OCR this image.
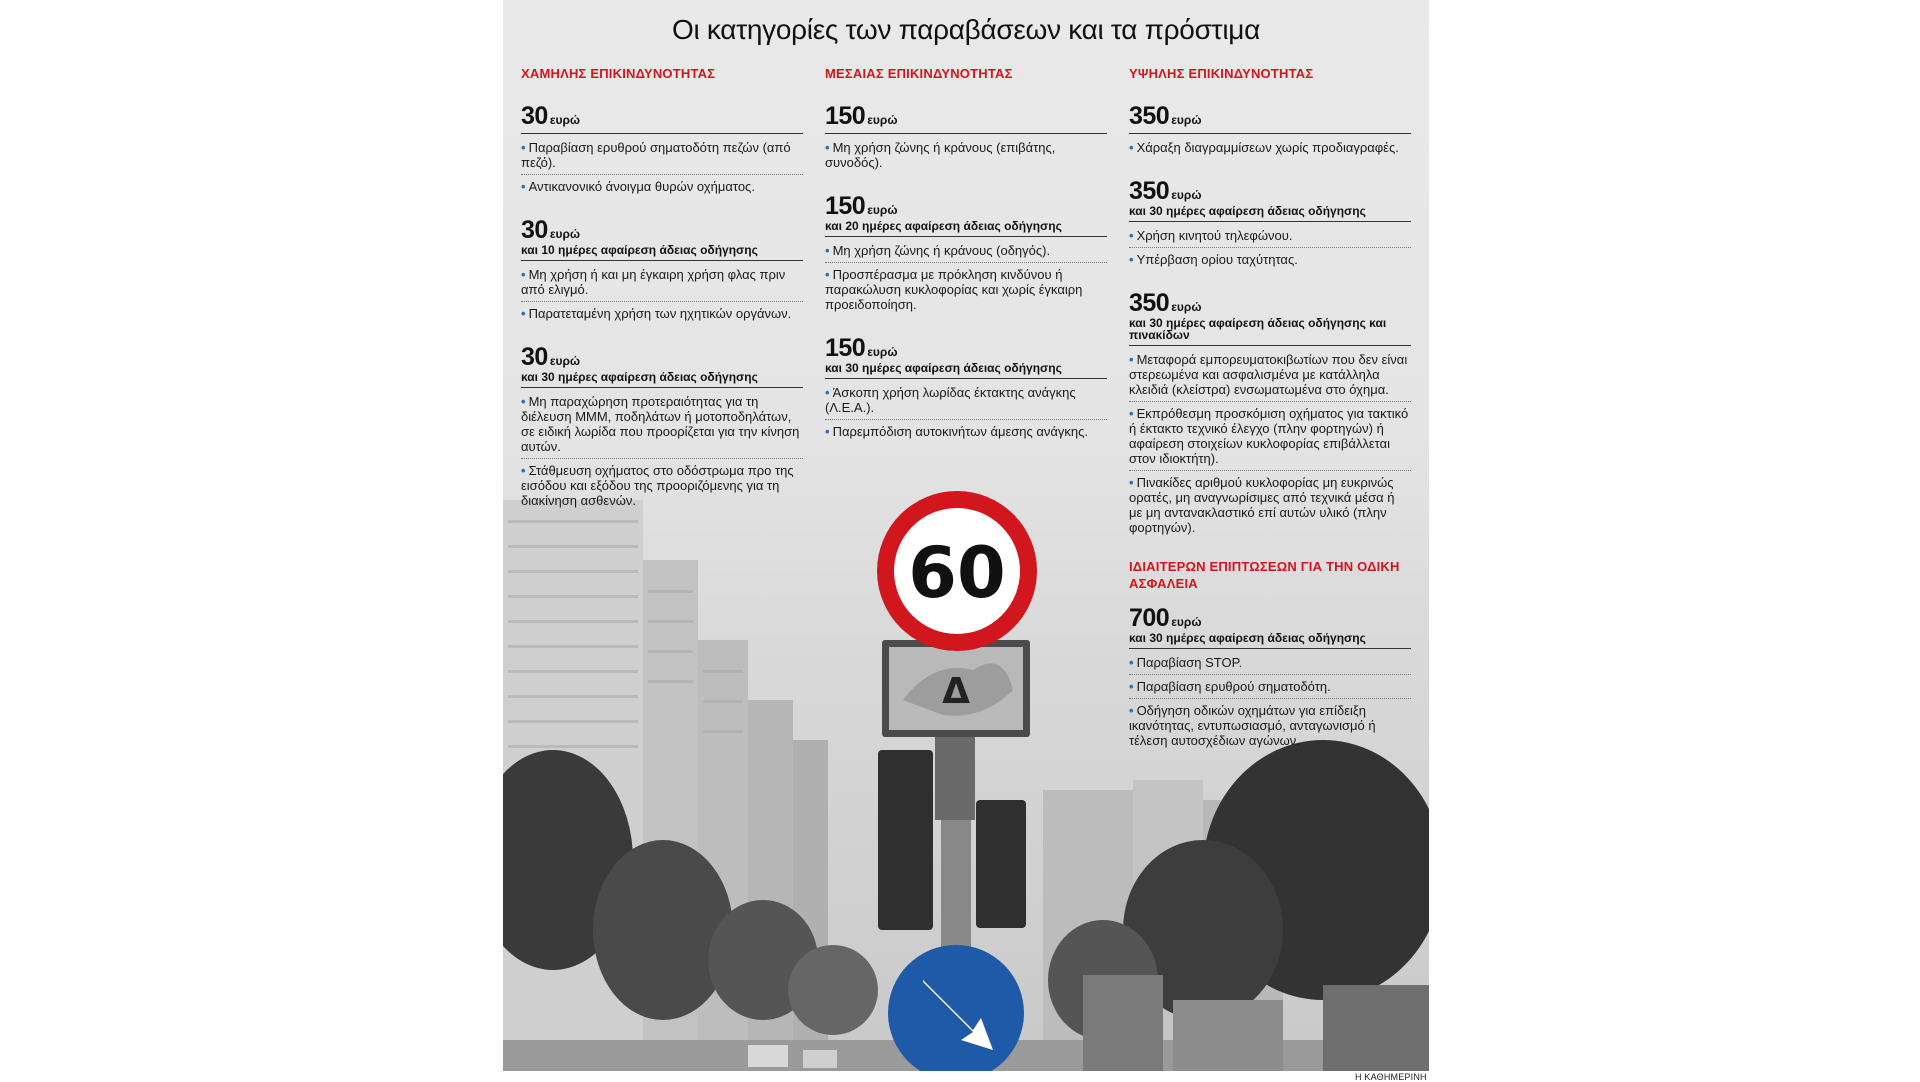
Οι κατηγορίες των παραβάσεων και τα πρόστιμα
60
Δ
ΧΑΜΗΛΗΣ ΕΠΙΚΙΝΔΥΝΟΤΗΤΑΣ
30 ευρώ
• Παραβίαση ερυθρού σηματοδότη πεζών (από πεζό).
• Αντικανονικό άνοιγμα θυρών οχήματος.
30 ευρώ
και 10 ημέρες αφαίρεση άδειας οδήγησης
• Μη χρήση ή και μη έγκαιρη χρήση φλας πριν από ελιγμό.
• Παρατεταμένη χρήση των ηχητικών οργάνων.
30 ευρώ
και 30 ημέρες αφαίρεση άδειας οδήγησης
• Μη παραχώρηση προτεραιότητας για τη διέλευση ΜΜΜ, ποδηλάτων ή μοτοποδηλάτων, σε ειδική λωρίδα που προορίζεται για την κίνηση αυτών.
• Στάθμευση οχήματος στο οδόστρωμα προ της εισόδου και εξόδου της προοριζόμενης για τη διακίνηση ασθενών.
ΜΕΣΑΙΑΣ ΕΠΙΚΙΝΔΥΝΟΤΗΤΑΣ
150 ευρώ
• Μη χρήση ζώνης ή κράνους (επιβάτης, συνοδός).
150 ευρώ
και 20 ημέρες αφαίρεση άδειας οδήγησης
• Μη χρήση ζώνης ή κράνους (οδηγός).
• Προσπέρασμα με πρόκληση κινδύνου ή παρακώλυση κυκλοφορίας και χωρίς έγκαιρη προειδοποίηση.
150 ευρώ
και 30 ημέρες αφαίρεση άδειας οδήγησης
• Άσκοπη χρήση λωρίδας έκτακτης ανάγκης (Λ.Ε.Α.).
• Παρεμπόδιση αυτοκινήτων άμεσης ανάγκης.
ΥΨΗΛΗΣ ΕΠΙΚΙΝΔΥΝΟΤΗΤΑΣ
350 ευρώ
• Χάραξη διαγραμμίσεων χωρίς προδιαγραφές.
350 ευρώ
και 30 ημέρες αφαίρεση άδειας οδήγησης
• Χρήση κινητού τηλεφώνου.
• Υπέρβαση ορίου ταχύτητας.
350 ευρώ
και 30 ημέρες αφαίρεση άδειας οδήγησης και πινακίδων
• Μεταφορά εμπορευματοκιβωτίων που δεν είναι στερεωμένα και ασφαλισμένα με κατάλληλα κλειδιά (κλείστρα) ενσωματωμένα στο όχημα.
• Εκπρόθεσμη προσκόμιση οχήματος για τακτικό ή έκτακτο τεχνικό έλεγχο (πλην φορτηγών) ή αφαίρεση στοιχείων κυκλοφορίας επιβάλλεται στον ιδιοκτήτη).
• Πινακίδες αριθμού κυκλοφορίας μη ευκρινώς ορατές, μη αναγνωρίσιμες από τεχνικά μέσα ή με μη αντανακλαστικό επί αυτών υλικό (πλην φορτηγών).
ΙΔΙΑΙΤΕΡΩΝ ΕΠΙΠΤΩΣΕΩΝ ΓΙΑ ΤΗΝ ΟΔΙΚΗ ΑΣΦΑΛΕΙΑ
700 ευρώ
και 30 ημέρες αφαίρεση άδειας οδήγησης
• Παραβίαση STOP.
• Παραβίαση ερυθρού σηματοδότη.
• Οδήγηση οδικών οχημάτων για επίδειξη ικανότητας, εντυπωσιασμό, ανταγωνισμό ή τέλεση αυτοσχέδιων αγώνων.
Η ΚΑΘΗΜΕΡΙΝΗ
